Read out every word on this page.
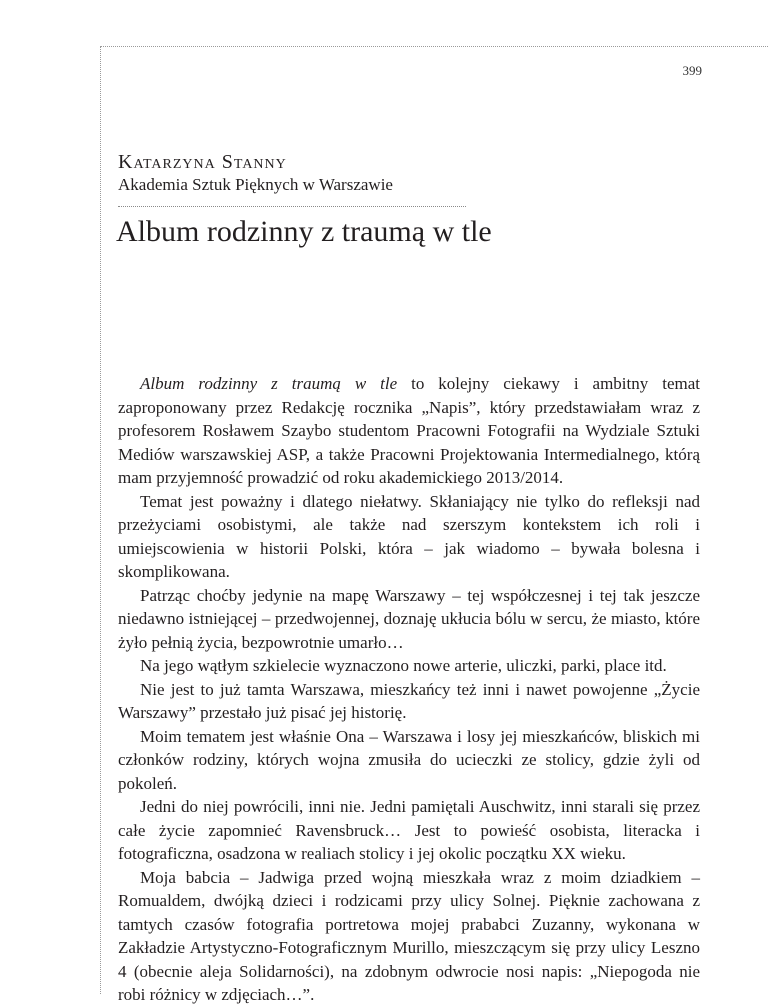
399
Katarzyna Stanny
Akademia Sztuk Pięknych w Warszawie
Album rodzinny z traumą w tle

Album rodzinny z traumą w tle to kolejny ciekawy i ambitny temat zaproponowany przez Redakcję rocznika „Napis”, który przedstawiałam wraz z profesorem Rosławem Szaybo studentom Pracowni Fotografii na Wydziale Sztuki Mediów warszawskiej ASP, a także Pracowni Projektowania Intermedialnego, którą mam przyjemność prowadzić od roku akademickiego 2013/2014.

Temat jest poważny i dlatego niełatwy. Skłaniający nie tylko do refleksji nad przeżyciami osobistymi, ale także nad szerszym kontekstem ich roli i umiejscowienia w historii Polski, która – jak wiadomo – bywała bolesna i skomplikowana.

Patrząc choćby jedynie na mapę Warszawy – tej współczesnej i tej tak jeszcze niedawno istniejącej – przedwojennej, doznaję ukłucia bólu w sercu, że miasto, które żyło pełnią życia, bezpowrotnie umarło…

Na jego wątłym szkielecie wyznaczono nowe arterie, uliczki, parki, place itd.

Nie jest to już tamta Warszawa, mieszkańcy też inni i nawet powojenne „Życie Warszawy” przestało już pisać jej historię.

Moim tematem jest właśnie Ona – Warszawa i losy jej mieszkańców, bliskich mi członków rodziny, których wojna zmusiła do ucieczki ze stolicy, gdzie żyli od pokoleń.

Jedni do niej powrócili, inni nie. Jedni pamiętali Auschwitz, inni starali się przez całe życie zapomnieć Ravensbruck… Jest to powieść osobista, literacka i fotograficzna, osadzona w realiach stolicy i jej okolic początku XX wieku.

Moja babcia – Jadwiga przed wojną mieszkała wraz z moim dziadkiem – Romualdem, dwójką dzieci i rodzicami przy ulicy Solnej. Pięknie zachowana z tamtych czasów fotografia portretowa mojej prababci Zuzanny, wykonana w Zakładzie Artystyczno-Fotograficznym Murillo, mieszczącym się przy ulicy Leszno 4 (obecnie aleja Solidarności), na zdobnym odwrocie nosi napis: „Niepogoda nie robi różnicy w zdjęciach…”.
